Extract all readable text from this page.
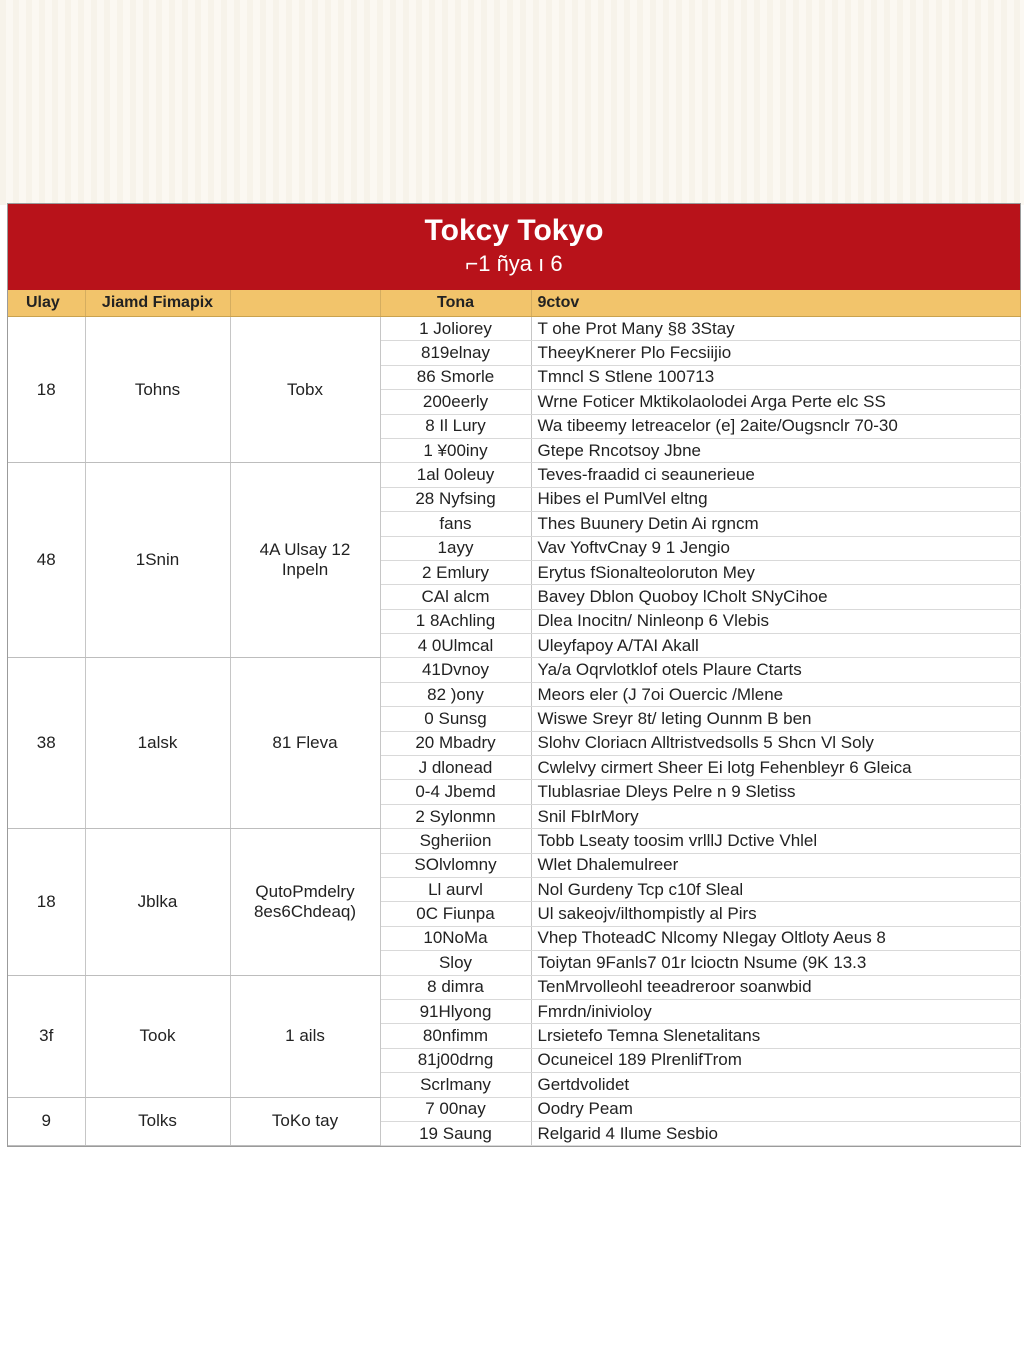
Tokcy Tokyo
⌐1 ñya ı 6
Ulay	Jiamd Fimapix		Tona	9ctov
18	Tohns	Tobx	1 Joliorey	T ohe Prot Many §8 3Stay
			819elnay	TheeyKnerer Plo Fecsiijio
			86 Smorle	Tmncl S Stlene 100713
			200eerly	Wrne Foticer Mktikolaolodei Arga Perte elc SS
			8 Il Lury	Wa tibeemy letreacelor (e] 2aite/Ougsnclr 70-30
			1 ¥00iny	Gtepe Rncotsoy Jbne
48	1Snin	4A Ulsay 12 Inpeln	1al 0oleuy	Teves-fraadid ci seaunerieue
			28 Nyfsing	Hibes el PumlVel eltng
			fans	Thes Buunery Detin Ai rgncm
			1ayy	Vav YoftvCnay 9 1 Jengio
			2 Emlury	Erytus fSionalteoloruton Mey
			CAl alcm	Bavey Dblon Quoboy lCholt SNyCihoe
			1 8Achling	Dlea Inocitn/ Ninleonp 6 Vlebis
			4 0Ulmcal	Uleyfapoy A/TAI Akall
38	1alsk	81 Fleva	41Dvnoy	Ya/a Oqrvlotklof otels Plaure Ctarts
			82 )ony	Meors eler (J 7oi Ouercic /Mlene
			0 Sunsg	Wiswe Sreyr 8t/ leting Ounnm B ben
			20 Mbadry	Slohv Cloriacn Alltristvedsolls 5 Shcn Vl Soly
			J dlonead	Cwlelvy cirmert Sheer Ei lotg Fehenbleyr 6 Gleica
			0-4 Jbemd	Tlublasriae Dleys Pelre n 9 Sletiss
			2 Sylonmn	Snil FbIrMory
18	Jblka	QutoPmdelry 8es6Chdeaq)	Sgheriion	Tobb Lseaty toosim vrlllJ Dctive Vhlel
			SOlvlomny	Wlet Dhalemulreer
			Ll aurvl	Nol Gurdeny Tcp c10f Sleal
			0C Fiunpa	Ul sakeojv/ilthompistly al Pirs
			10NoMa	Vhep ThoteadC Nlcomy NIegay Oltloty Aeus 8
			Sloy	Toiytan 9Fanls7 01r lcioctn Nsume (9K 13.3
3f	Took	1 ails	8 dimra	TenMrvolleohl teeadreroor soanwbid
			91Hlyong	Fmrdn/inivioloy
			80nfimm	Lrsietefo Temna Slenetalitans
			81j00drng	Ocuneicel 189 PlrenlifTrom
			Scrlmany	Gertdvolidet
9	Tolks	ToKo tay	7 00nay	Oodry Peam
			19 Saung	Relgarid 4 Ilume Sesbio
